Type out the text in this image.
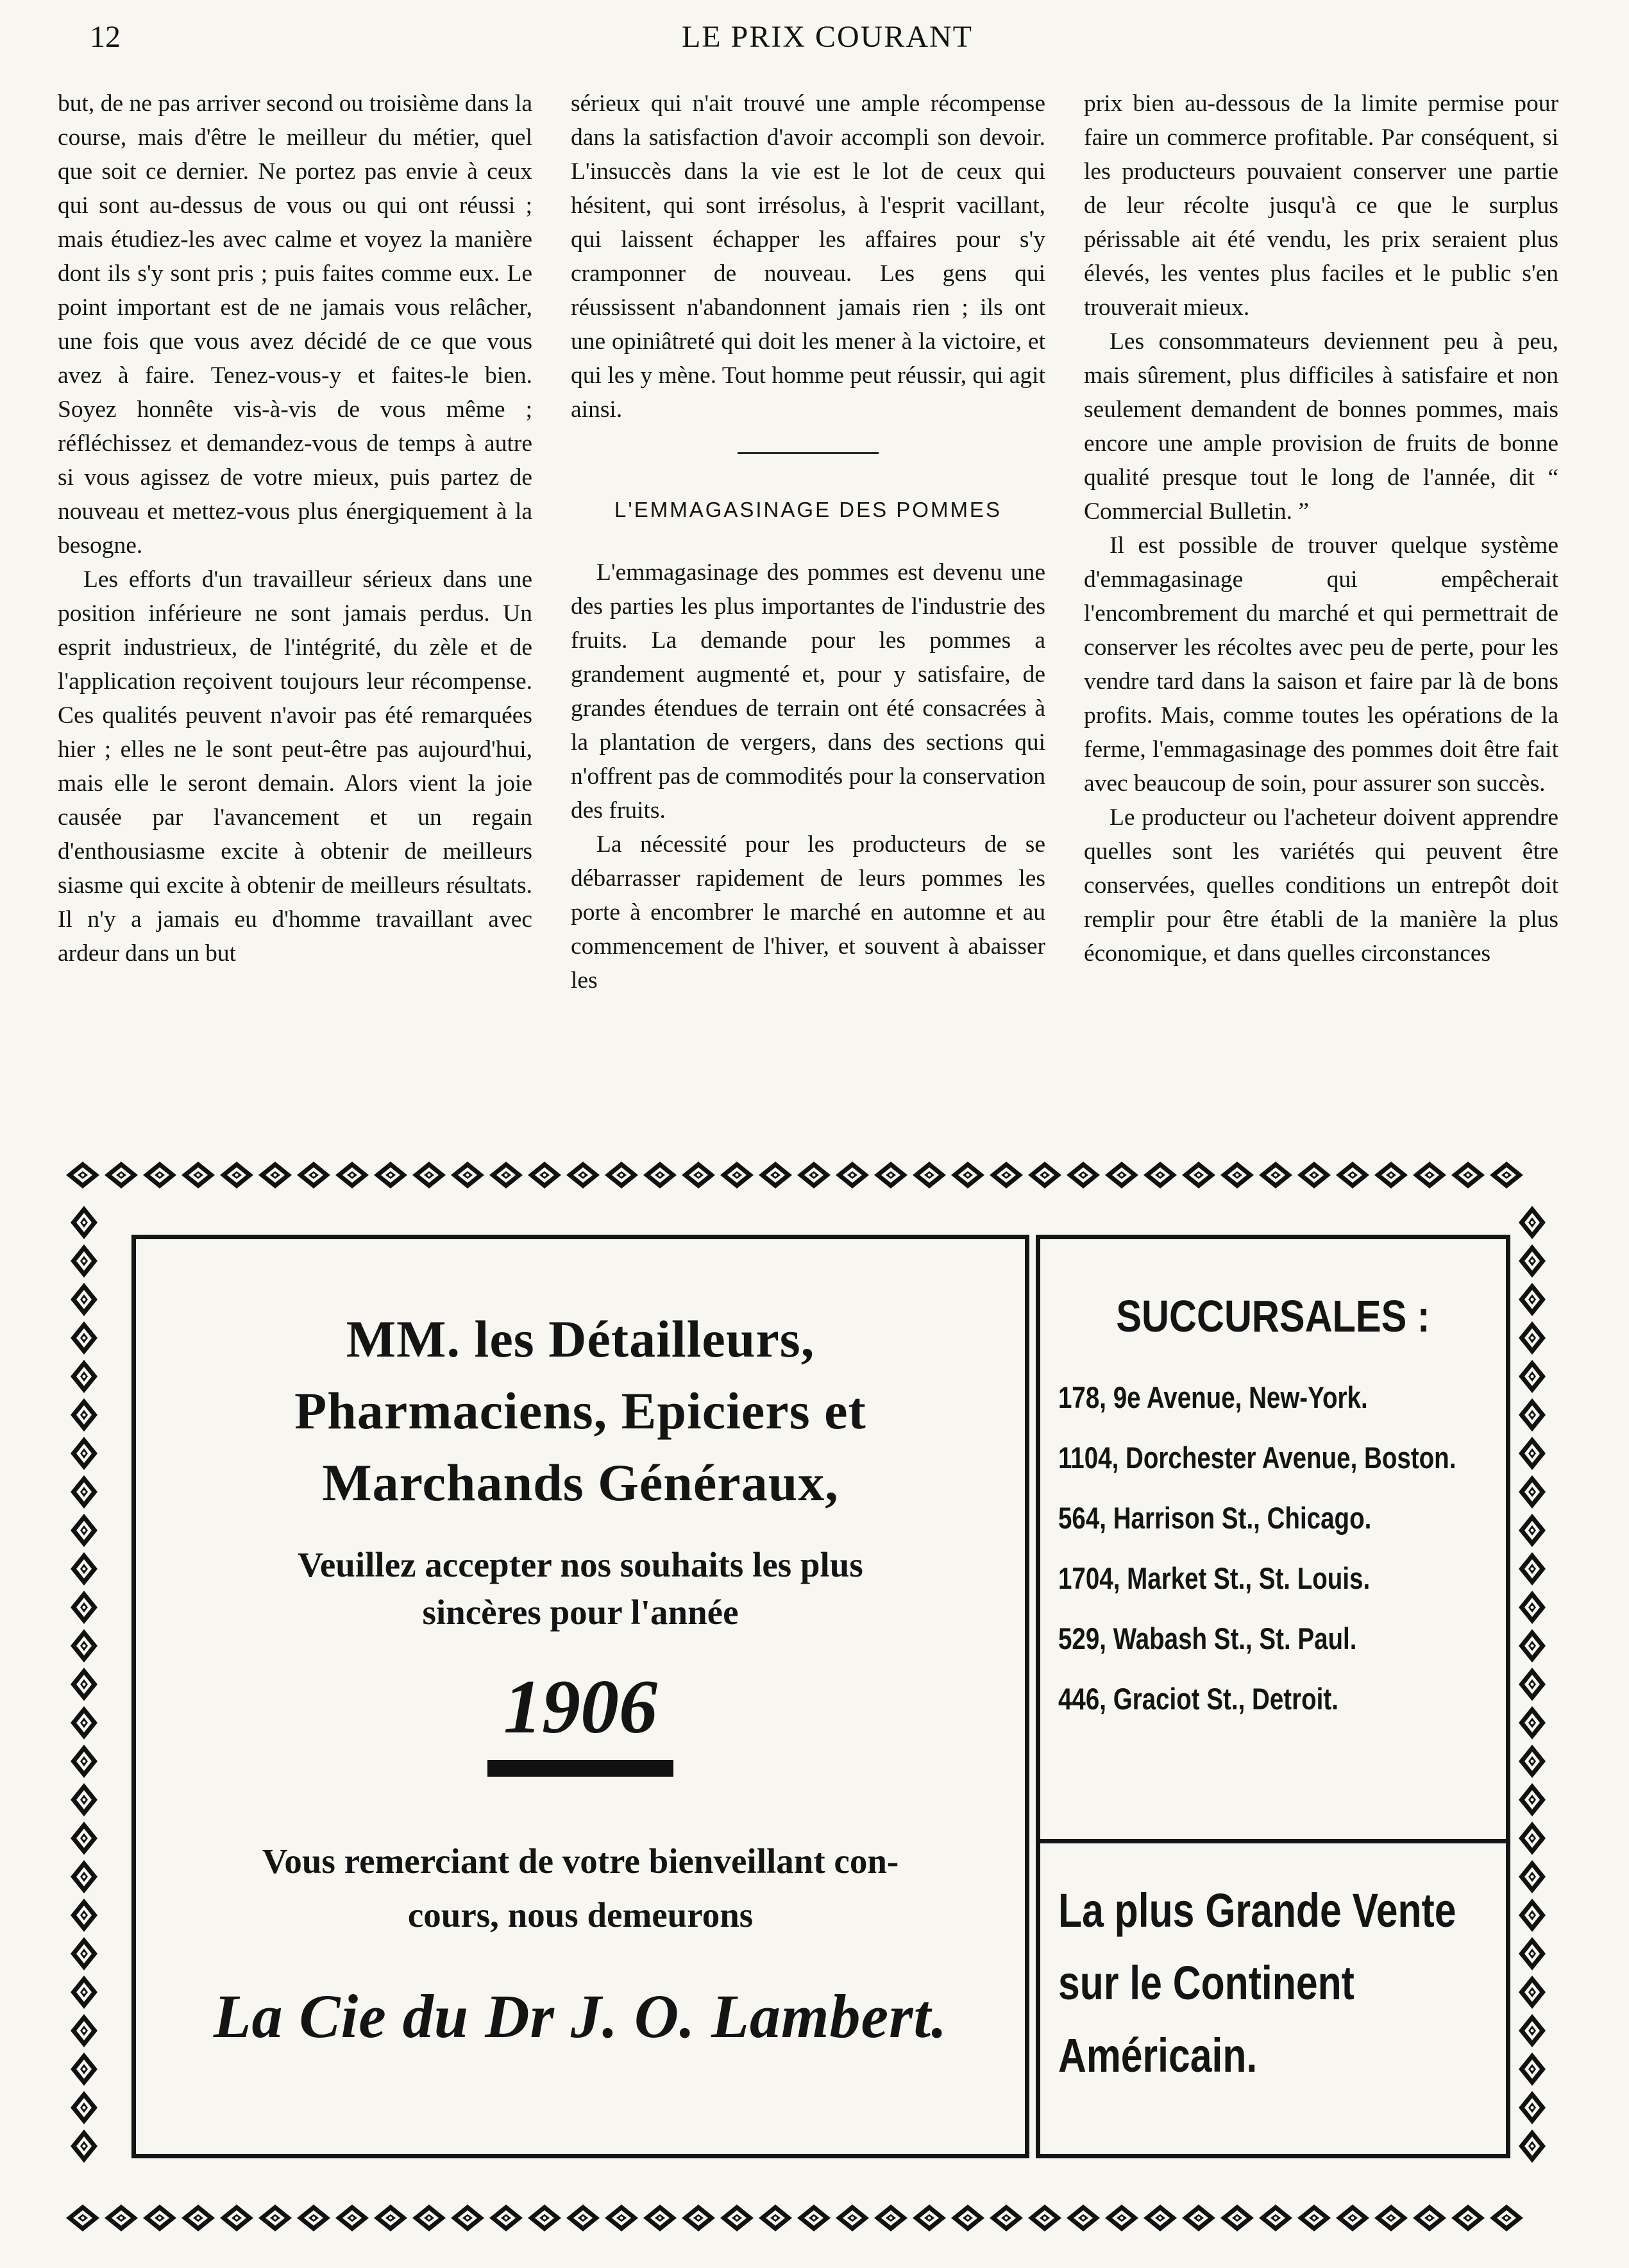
12	LE PRIX COURANT

but, de ne pas arriver second ou troisième dans la course, mais d'être le meilleur du métier, quel que soit ce dernier. Ne portez pas envie à ceux qui sont au-dessus de vous ou qui ont réussi ; mais étudiez-les avec calme et voyez la manière dont ils s'y sont pris ; puis faites comme eux. Le point important est de ne jamais vous relâcher, une fois que vous avez décidé de ce que vous avez à faire. Tenez-vous-y et faites-le bien. Soyez honnête vis-à-vis de vous même ; réfléchissez et demandez-vous de temps à autre si vous agissez de votre mieux, puis partez de nouveau et mettez-vous plus énergiquement à la besogne.

Les efforts d'un travailleur sérieux dans une position inférieure ne sont jamais perdus. Un esprit industrieux, de l'intégrité, du zèle et de l'application reçoivent toujours leur récompense. Ces qualités peuvent n'avoir pas été remarquées hier ; elles ne le sont peut-être pas aujourd'hui, mais elle le seront demain. Alors vient la joie causée par l'avancement et un regain d'enthousiasme excite à obtenir de meilleurs siasme qui excite à obtenir de meilleurs résultats. Il n'y a jamais eu d'homme travaillant avec ardeur dans un but

sérieux qui n'ait trouvé une ample récompense dans la satisfaction d'avoir accompli son devoir. L'insuccès dans la vie est le lot de ceux qui hésitent, qui sont irrésolus, à l'esprit vacillant, qui laissent échapper les affaires pour s'y cramponner de nouveau. Les gens qui réussissent n'abandonnent jamais rien ; ils ont une opiniâtreté qui doit les mener à la victoire, et qui les y mène. Tout homme peut réussir, qui agit ainsi.

L'EMMAGASINAGE DES POMMES

L'emmagasinage des pommes est devenu une des parties les plus importantes de l'industrie des fruits. La demande pour les pommes a grandement augmenté et, pour y satisfaire, de grandes étendues de terrain ont été consacrées à la plantation de vergers, dans des sections qui n'offrent pas de commodités pour la conservation des fruits.

La nécessité pour les producteurs de se débarrasser rapidement de leurs pommes les porte à encombrer le marché en automne et au commencement de l'hiver, et souvent à abaisser les

prix bien au-dessous de la limite permise pour faire un commerce profitable. Par conséquent, si les producteurs pouvaient conserver une partie de leur récolte jusqu'à ce que le surplus périssable ait été vendu, les prix seraient plus élevés, les ventes plus faciles et le public s'en trouverait mieux.

Les consommateurs deviennent peu à peu, mais sûrement, plus difficiles à satisfaire et non seulement demandent de bonnes pommes, mais encore une ample provision de fruits de bonne qualité presque tout le long de l'année, dit “ Commercial Bulletin. ”

Il est possible de trouver quelque système d'emmagasinage qui empêcherait l'encombrement du marché et qui permettrait de conserver les récoltes avec peu de perte, pour les vendre tard dans la saison et faire par là de bons profits. Mais, comme toutes les opérations de la ferme, l'emmagasinage des pommes doit être fait avec beaucoup de soin, pour assurer son succès.

Le producteur ou l'acheteur doivent apprendre quelles sont les variétés qui peuvent être conservées, quelles conditions un entrepôt doit remplir pour être établi de la manière la plus économique, et dans quelles circonstances

MM. les Détailleurs,
Pharmaciens, Epiciers et
Marchands Généraux,
Veuillez accepter nos souhaits les plus
sincères pour l'année
1906
Vous remerciant de votre bienveillant con-
cours, nous demeurons
La Cie du Dr J. O. Lambert.
SUCCURSALES :
178, 9e Avenue, New-York.
1104, Dorchester Avenue, Boston.
564, Harrison St., Chicago.
1704, Market St., St. Louis.
529, Wabash St., St. Paul.
446, Graciot St., Detroit.
La plus Grande Vente
sur le Continent
Américain.
